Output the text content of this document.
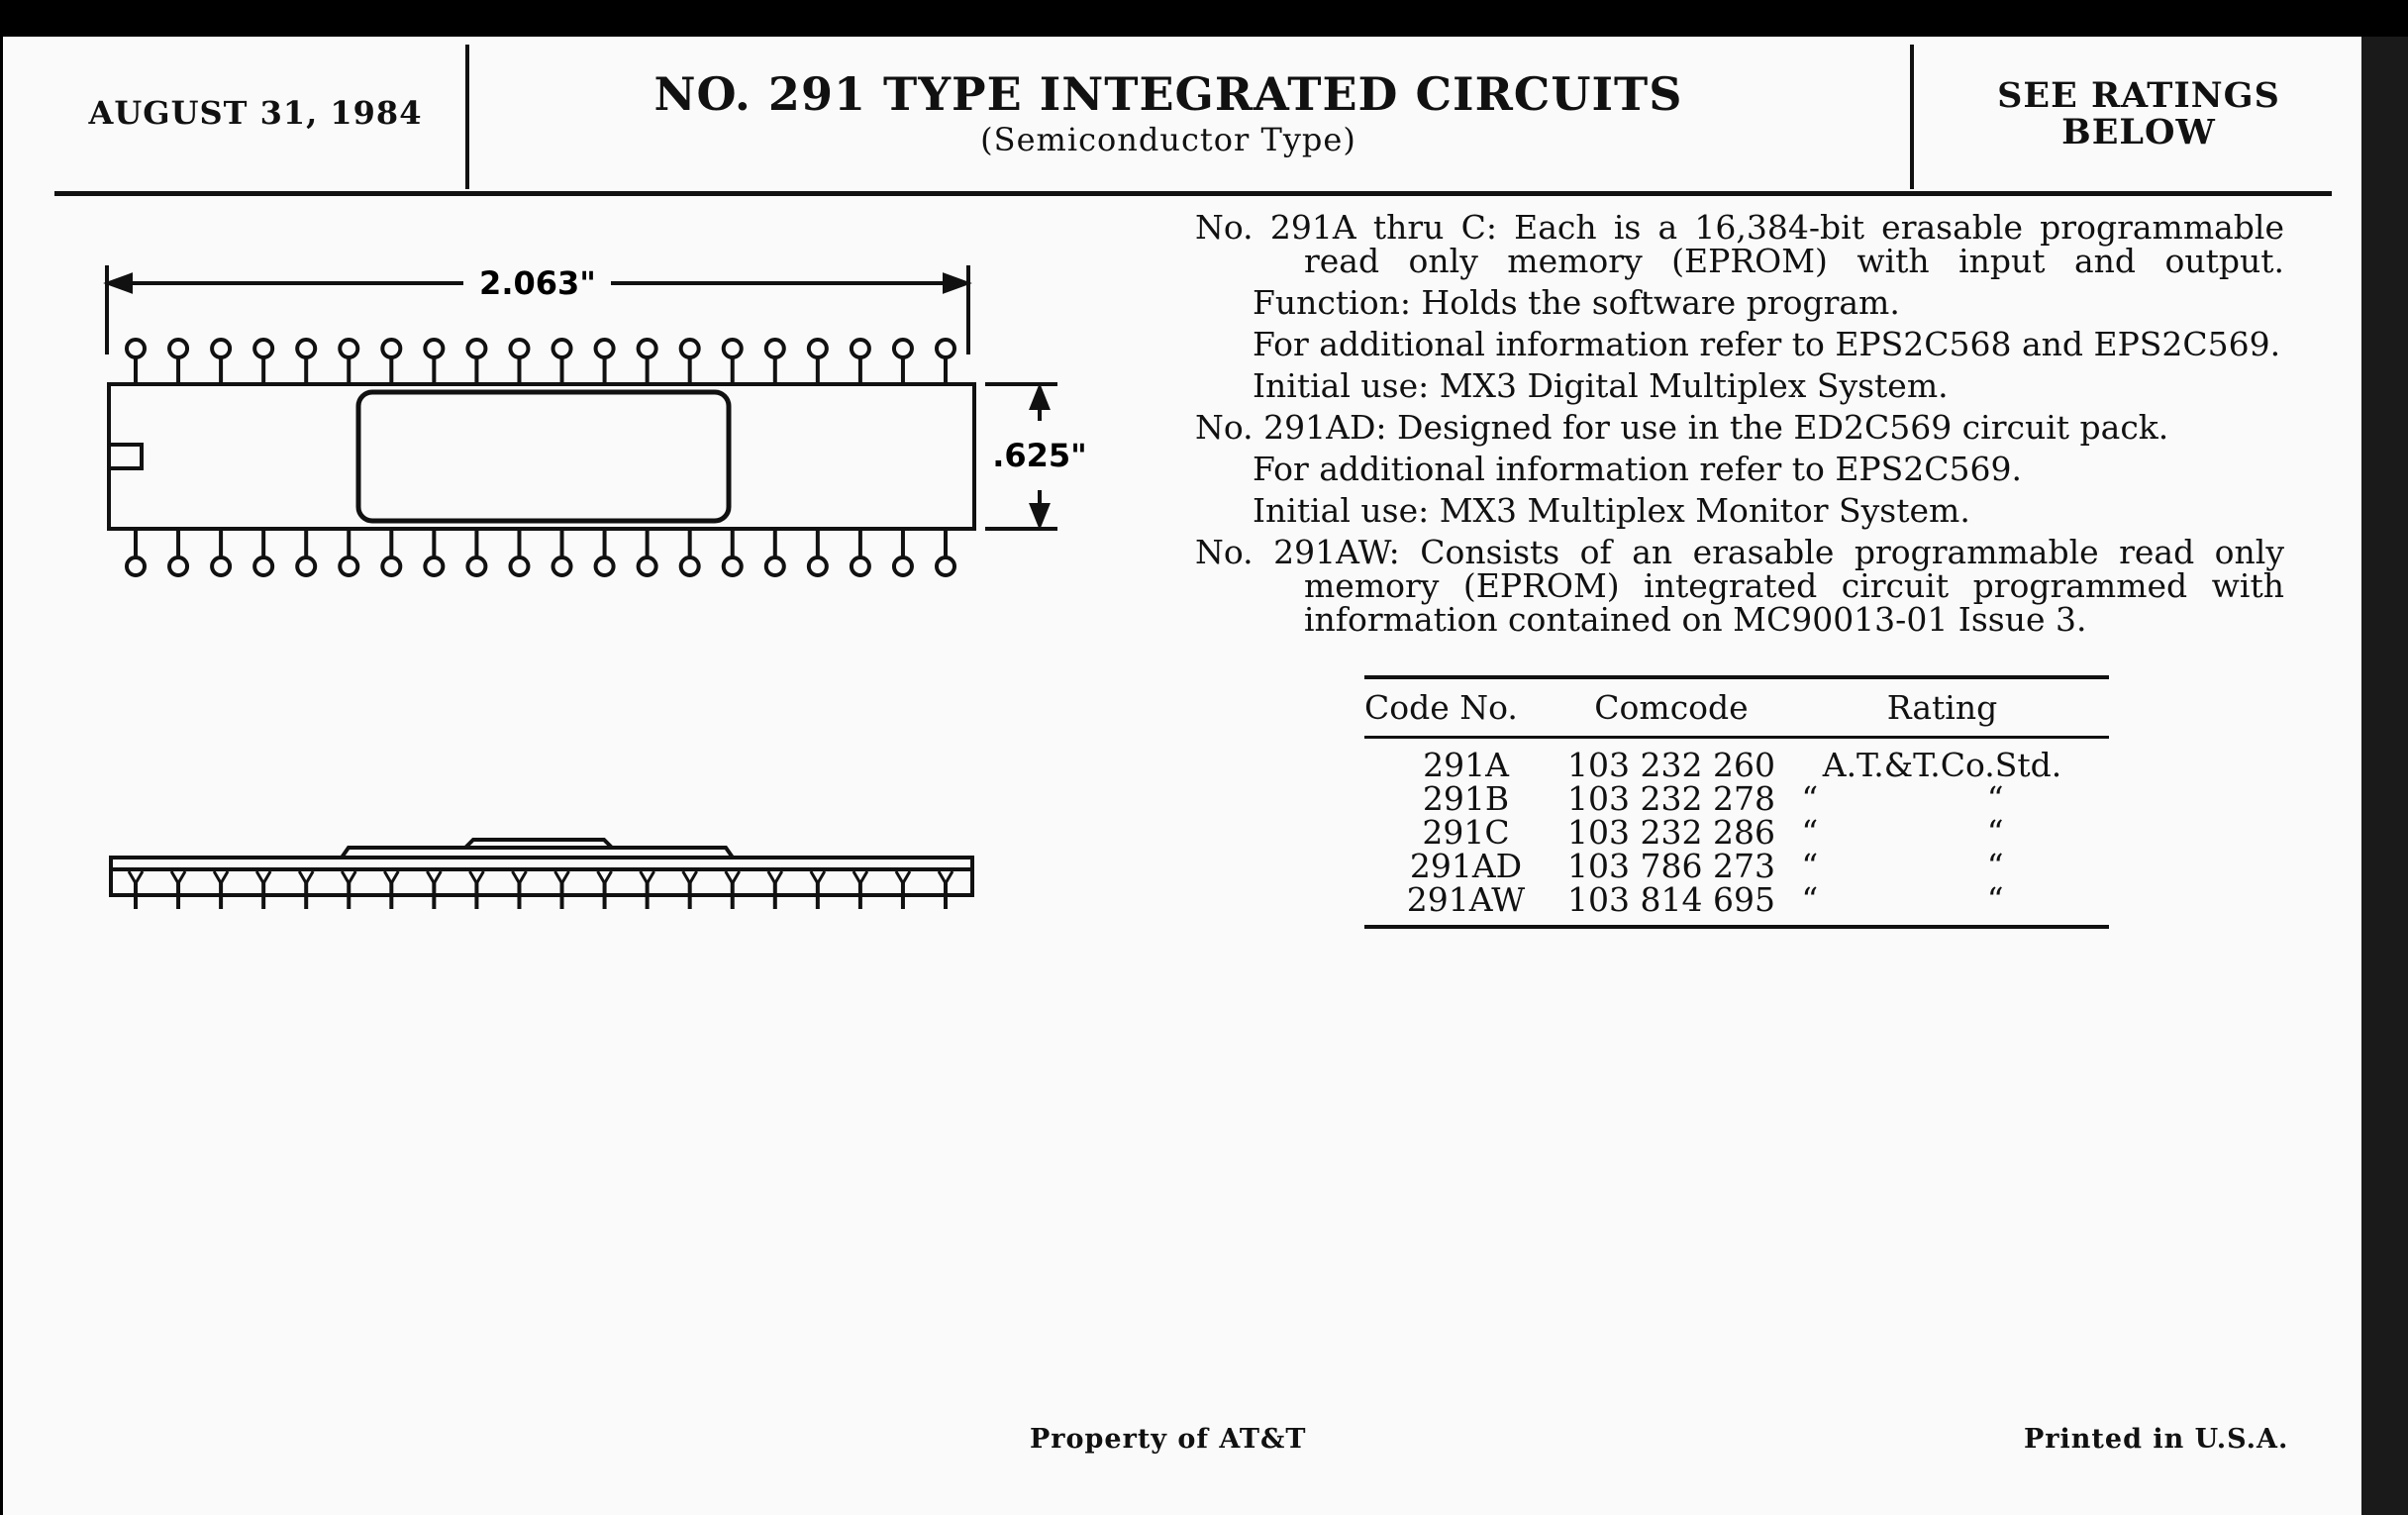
AUGUST 31, 1984	NO. 291 TYPE INTEGRATED CIRCUITS
(Semiconductor Type)
SEE RATINGS
BELOW
2.063"
.625"
No. 291A thru C: Each is a 16,384-bit erasable programmable
read only memory (EPROM) with input and output.
Function: Holds the software program.
For additional information refer to EPS2C568 and EPS2C569.
Initial use: MX3 Digital Multiplex System.
No. 291AD: Designed for use in the ED2C569 circuit pack.
For additional information refer to EPS2C569.
Initial use: MX3 Multiplex Monitor System.
No. 291AW: Consists of an erasable programmable read only memory (EPROM) integrated circuit programmed with information contained on MC90013-01 Issue 3.
Code No.	Comcode	Rating
291A	103 232 260	A.T.&T.Co.Std.
291B	103 232 278	“ “
291C	103 232 286	“ “
291AD	103 786 273	“ “
291AW	103 814 695	“ “
Property of AT&T	Printed in U.S.A.
